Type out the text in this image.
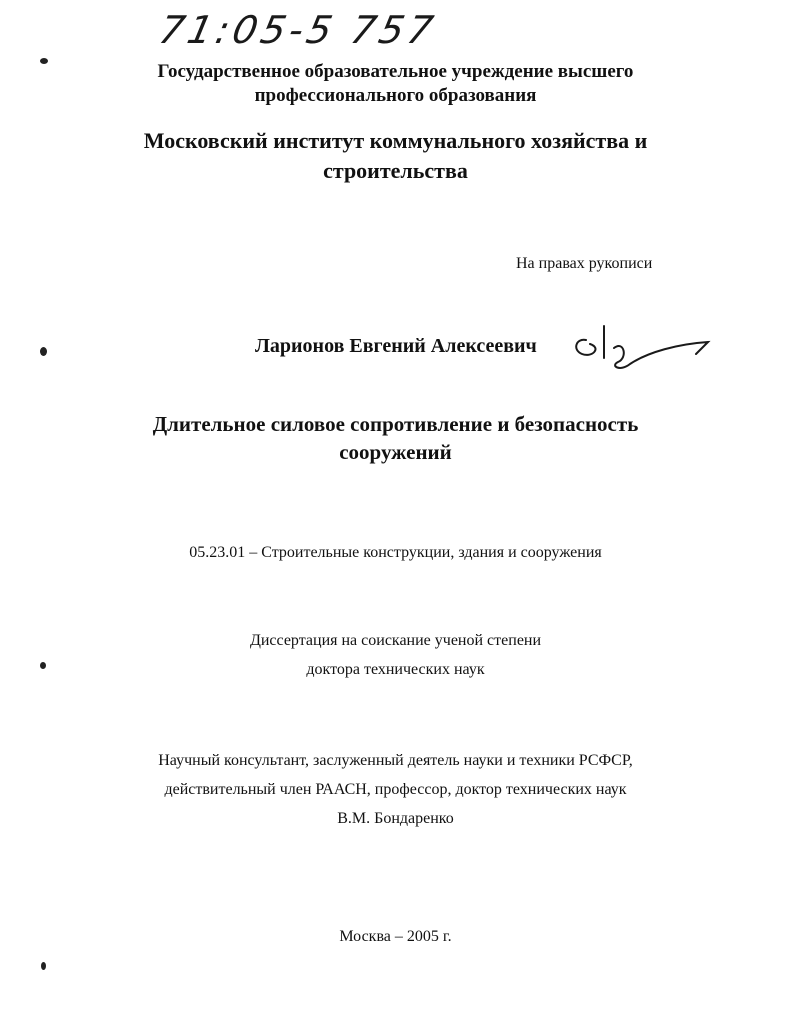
71:05-5 757
Государственное образовательное учреждение высшего
профессионального образования
Московский институт коммунального хозяйства и
строительства
На правах рукописи
Ларионов Евгений Алексеевич
Длительное силовое сопротивление и безопасность
сооружений
05.23.01 – Строительные конструкции, здания и сооружения
Диссертация на соискание ученой степени
доктора технических наук
Научный консультант, заслуженный деятель науки и техники РСФСР,
действительный член РААСН, профессор, доктор технических наук
В.М. Бондаренко
Москва – 2005 г.
